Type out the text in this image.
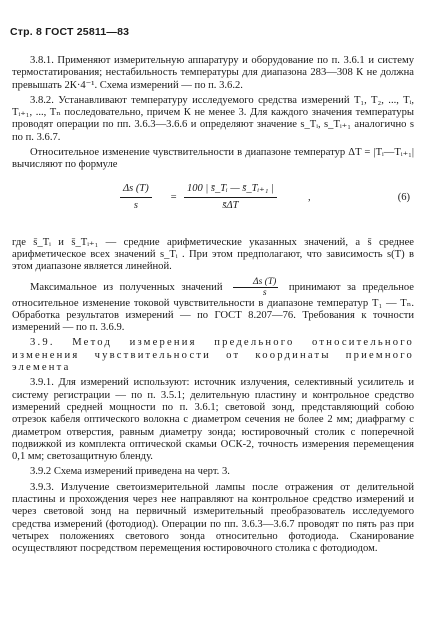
Стр. 8 ГОСТ 25811—83

3.8.1. Применяют измерительную аппаратуру и оборудование по п. 3.6.1 и систему термостатирования; нестабильность температуры для диапазона 283—308 К не должна превышать 2К·4⁻¹. Схема измерений — по п. 3.6.2.

3.8.2. Устанавливают температуру исследуемого средства измерений T₁, T₂, ..., Tᵢ, Tᵢ₊₁, ..., Tₙ последовательно, причем К не менее 3. Для каждого значения температуры проводят операции по пп. 3.6.3—3.6.6 и определяют значение s_Tᵢ, s_Tᵢ₊₁ аналогично s по п. 3.6.7.

Относительное изменение чувствительности в диапазоне температур ΔT = |Tᵢ—Tᵢ₊₁| вычисляют по формуле

$\frac{\Delta s (T)}{s} = \frac{\text{100 | s̄\_Tᵢ — s̄\_Tᵢ₊₁ |}}{s̄\Delta T}$	,	(6)

где s̄_Tᵢ и s̄_Tᵢ₊₁ — средние арифметические указанных значений, а s̄ среднее арифметическое всех значений s_Tᵢ . При этом предполагают, что зависимость s(T) в этом диапазоне является линейной.

Максимальное из полученных значений $\frac{\Delta s (T)}{s}$ принимают за предельное относительное изменение токовой чувствительности в диапазоне температур T₁ — Tₙ. Обработка результатов измерений — по ГОСТ 8.207—76. Требования к точности измерений — по п. 3.6.9.

3.9. Метод измерения предельного относительного изменения чувствительности от координаты приемного элемента

3.9.1. Для измерений используют: источник излучения, селективный усилитель и систему регистрации — по п. 3.5.1; делительную пластину и контрольное средство измерений средней мощности по п. 3.6.1; световой зонд, представляющий собою отрезок кабеля оптического волокна с диаметром сечения не более 2 мм; диафрагму с диаметром отверстия, равным диаметру зонда; юстировочный столик с поперечной подвижкой из комплекта оптической скамьи ОСК-2, точность измерения перемещения 0,1 мм; светозащитную бленду.

3.9.2 Схема измерений приведена на черт. 3.

3.9.3. Излучение светоизмерительной лампы после отражения от делительной пластины и прохождения через нее направляют на контрольное средство измерений и через световой зонд на первичный измерительный преобразователь исследуемого средства измерений (фотодиод). Операции по пп. 3.6.3—3.6.7 проводят по пять раз при четырех положениях светового зонда относительно фотодиода. Сканирование осуществляют посредством перемещения юстировочного столика с фотодиодом.
